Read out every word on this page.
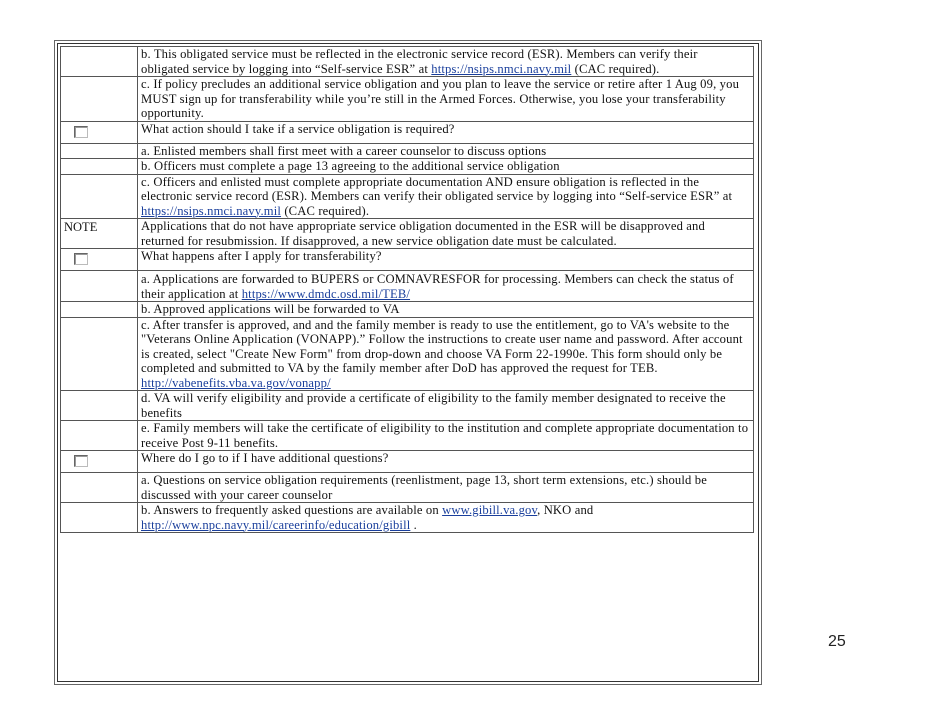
	b. This obligated service must be reflected in the electronic service record (ESR). Members can verify their obligated service by logging into “Self-service ESR” at https://nsips.nmci.navy.mil (CAC required).
	c. If policy precludes an additional service obligation and you plan to leave the service or retire after 1 Aug 09, you MUST sign up for transferability while you’re still in the Armed Forces. Otherwise, you lose your transferability opportunity.
	What action should I take if a service obligation is required?
	a. Enlisted members shall first meet with a career counselor to discuss options
	b. Officers must complete a page 13 agreeing to the additional service obligation
	c. Officers and enlisted must complete appropriate documentation AND ensure obligation is reflected in the electronic service record (ESR). Members can verify their obligated service by logging into “Self-service ESR” at https://nsips.nmci.navy.mil (CAC required).
NOTE	Applications that do not have appropriate service obligation documented in the ESR will be disapproved and returned for resubmission. If disapproved, a new service obligation date must be calculated.
	What happens after I apply for transferability?
	a. Applications are forwarded to BUPERS or COMNAVRESFOR for processing. Members can check the status of their application at https://www.dmdc.osd.mil/TEB/
	b. Approved applications will be forwarded to VA
	c. After transfer is approved, and and the family member is ready to use the entitlement, go to VA's website to the "Veterans Online Application (VONAPP).” Follow the instructions to create user name and password. After account is created, select "Create New Form" from drop-down and choose VA Form 22-1990e. This form should only be completed and submitted to VA by the family member after DoD has approved the request for TEB. http://vabenefits.vba.va.gov/vonapp/
	d. VA will verify eligibility and provide a certificate of eligibility to the family member designated to receive the benefits
	e. Family members will take the certificate of eligibility to the institution and complete appropriate documentation to receive Post 9-11 benefits.
	Where do I go to if I have additional questions?
	a. Questions on service obligation requirements (reenlistment, page 13, short term extensions, etc.) should be discussed with your career counselor
	b. Answers to frequently asked questions are available on www.gibill.va.gov, NKO and http://www.npc.navy.mil/careerinfo/education/gibill .
25
